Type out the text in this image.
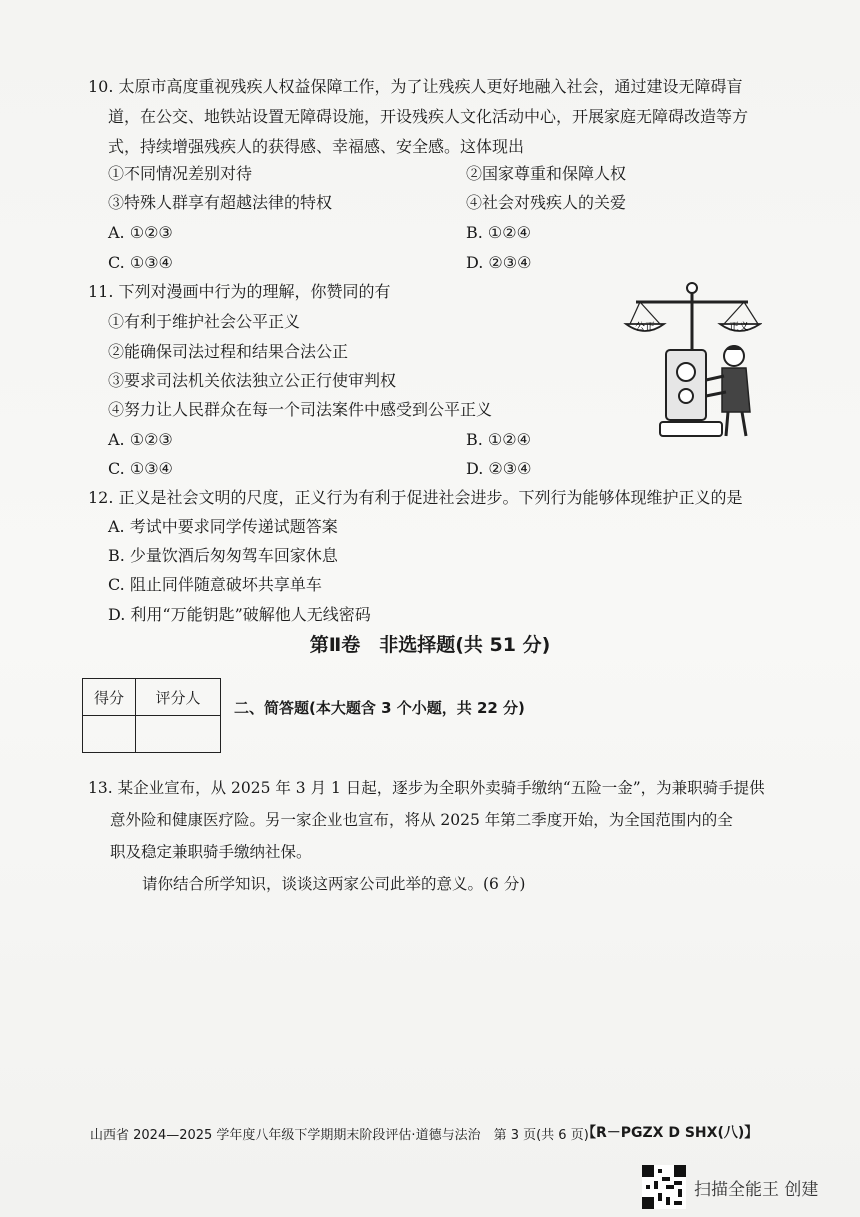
10. 太原市高度重视残疾人权益保障工作，为了让残疾人更好地融入社会，通过建设无障碍盲

道，在公交、地铁站设置无障碍设施，开设残疾人文化活动中心，开展家庭无障碍改造等方

式，持续增强残疾人的获得感、幸福感、安全感。这体现出

①不同情况差别对待	②国家尊重和保障人权
③特殊人群享有超越法律的特权	④社会对残疾人的关爱
A. ①②③	B. ①②④
C. ①③④	D. ②③④
11. 下列对漫画中行为的理解，你赞同的有
①有利于维护社会公平正义
②能确保司法过程和结果合法公正
③要求司法机关依法独立公正行使审判权
④努力让人民群众在每一个司法案件中感受到公平正义
A. ①②③	B. ①②④
C. ①③④	D. ②③④
公正	正义
12. 正义是社会文明的尺度，正义行为有利于促进社会进步。下列行为能够体现维护正义的是
A. 考试中要求同学传递试题答案
B. 少量饮酒后匆匆驾车回家休息
C. 阻止同伴随意破坏共享单车
D. 利用“万能钥匙”破解他人无线密码
第Ⅱ卷　非选择题(共 51 分)
得分	评分人

二、简答题(本大题含 3 个小题，共 22 分)

13. 某企业宣布，从 2025 年 3 月 1 日起，逐步为全职外卖骑手缴纳“五险一金”，为兼职骑手提供

意外险和健康医疗险。另一家企业也宣布，将从 2025 年第二季度开始，为全国范围内的全

职及稳定兼职骑手缴纳社保。

请你结合所学知识，谈谈这两家公司此举的意义。(6 分)

山西省 2024—2025 学年度八年级下学期期末阶段评估·道德与法治　第 3 页(共 6 页)
【R－PGZX D SHX(八)】
扫描全能王 创建
